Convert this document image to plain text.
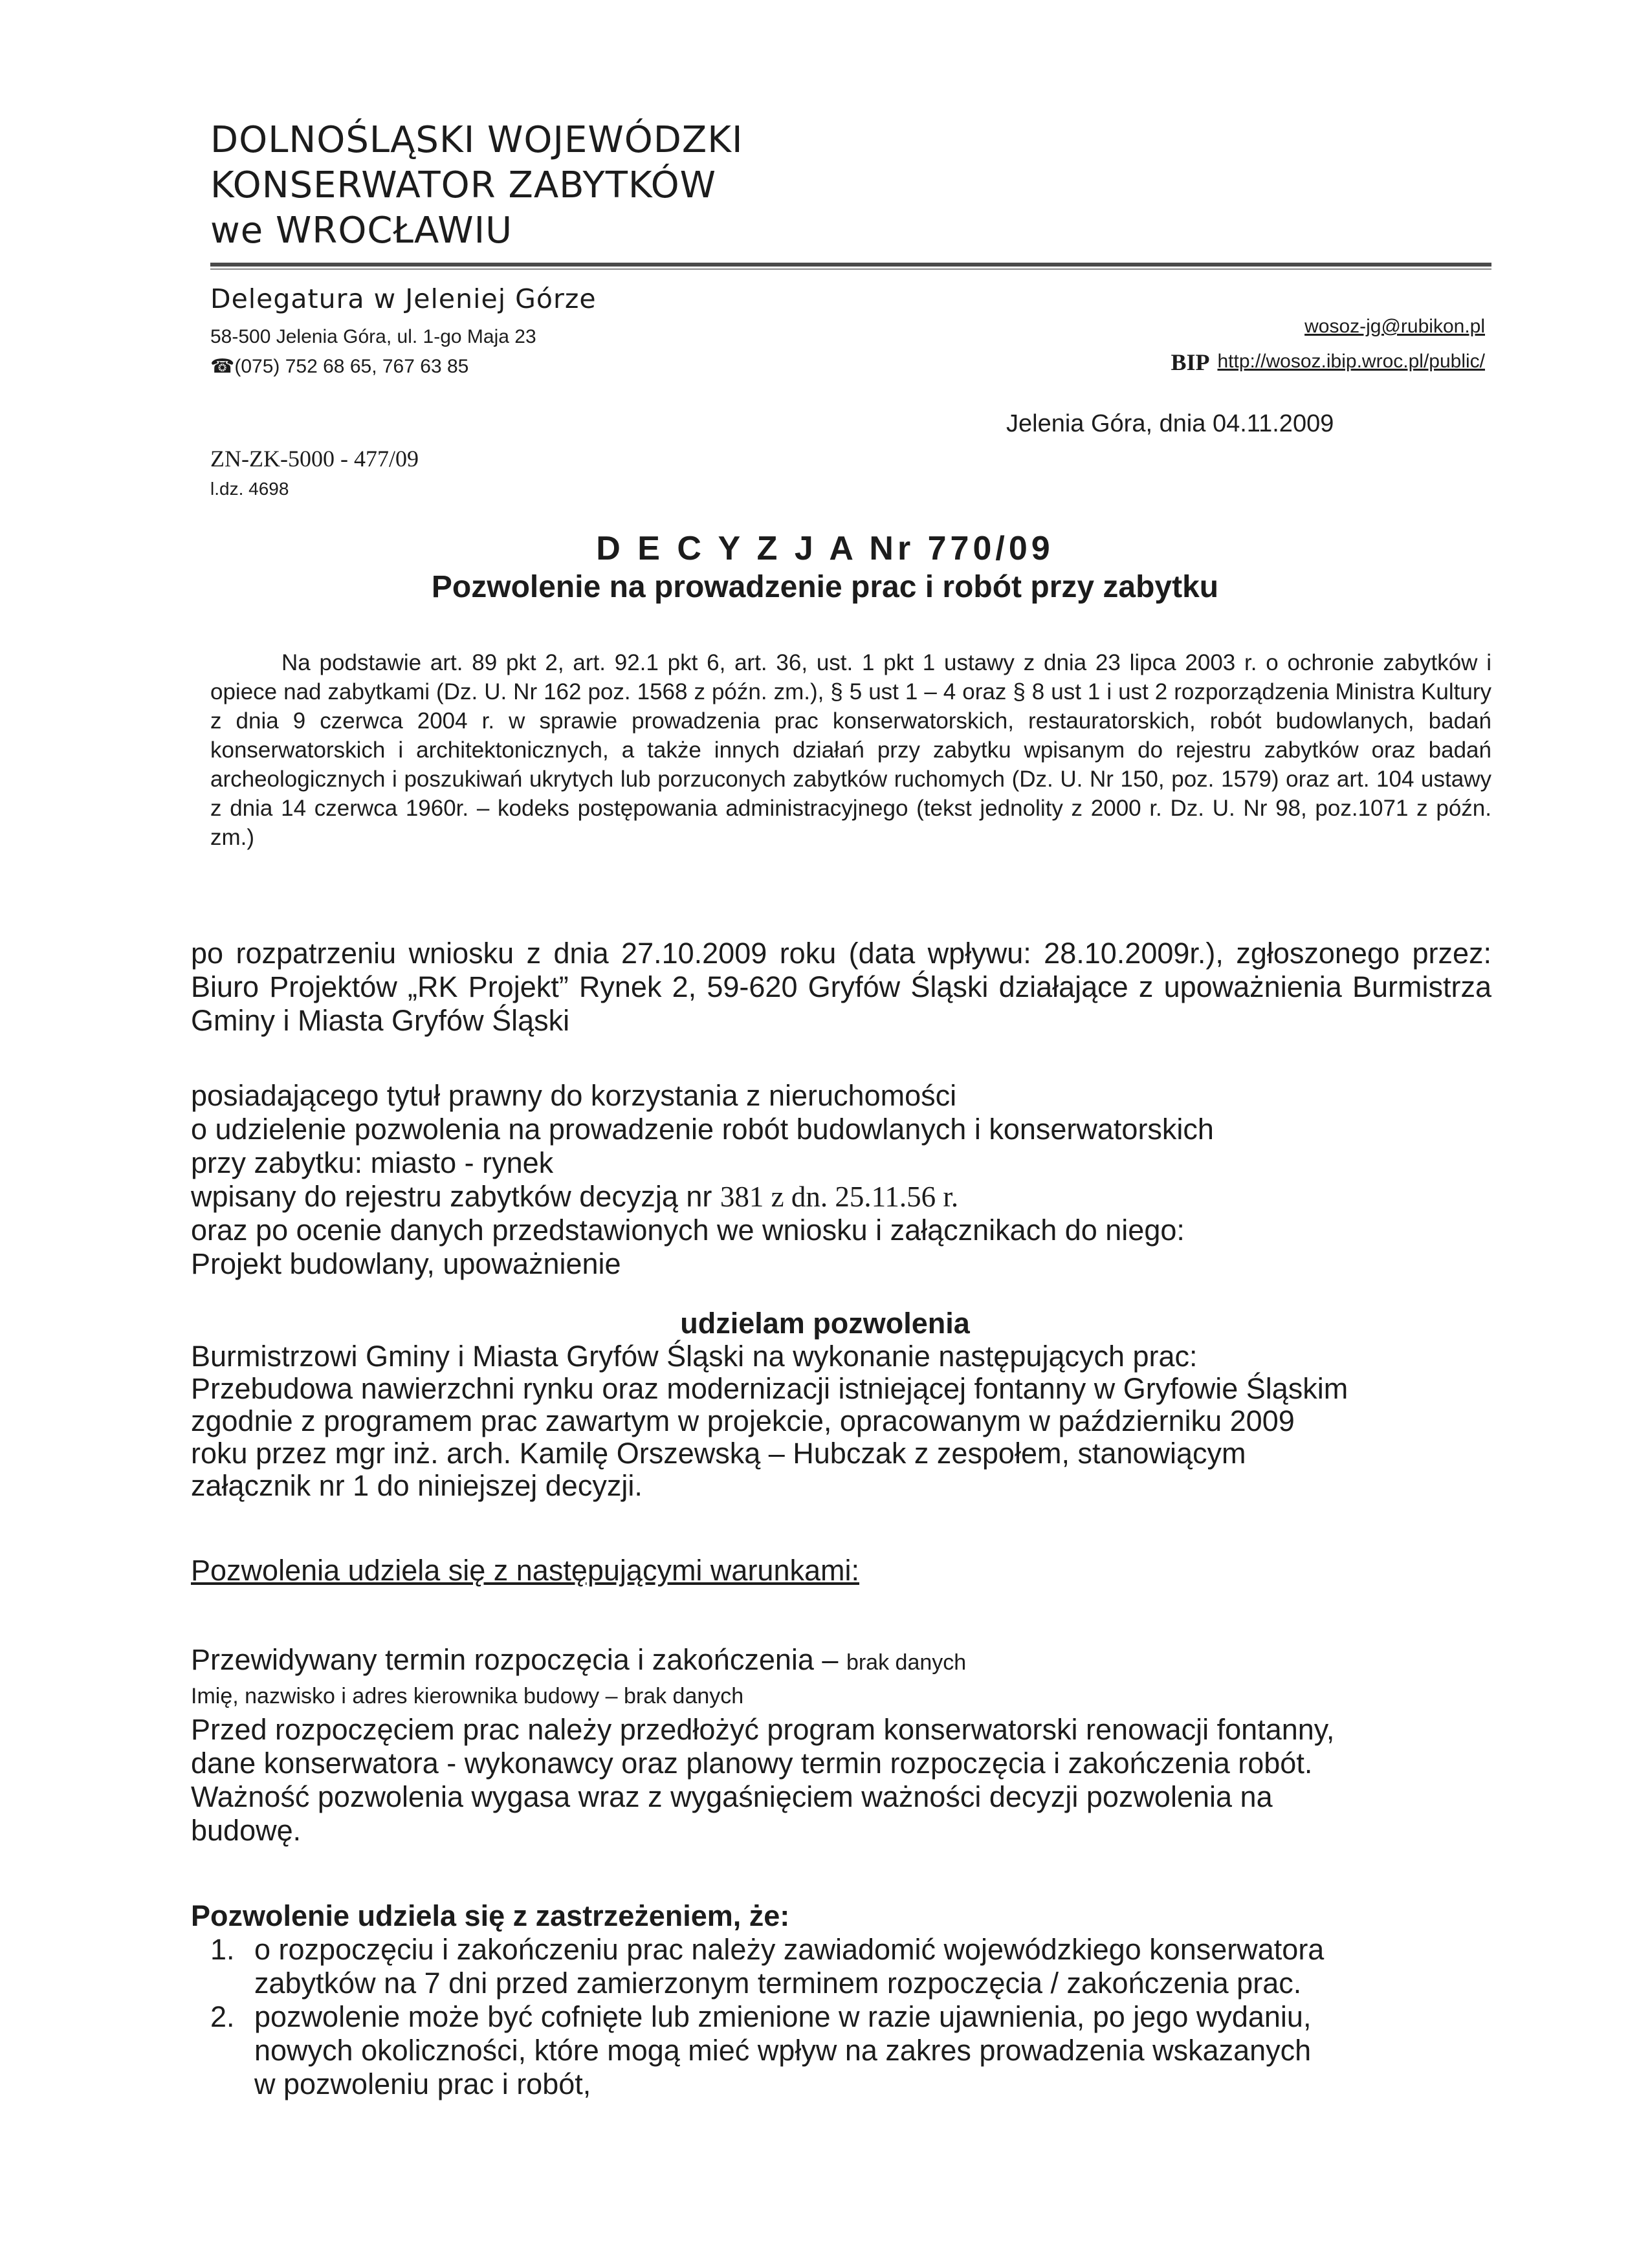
DOLNOŚLĄSKI WOJEWÓDZKI
KONSERWATOR ZABYTKÓW
we WROCŁAWIU
Delegatura w Jeleniej Górze
58-500 Jelenia Góra, ul. 1-go Maja 23
☎(075) 752 68 65, 767 63 85
wosoz-jg@rubikon.pl
BIP http://wosoz.ibip.wroc.pl/public/
Jelenia Góra, dnia 04.11.2009
ZN-ZK-5000 - 477/09
l.dz. 4698
D E C Y Z J A Nr 770/09
Pozwolenie na prowadzenie prac i robót przy zabytku

Na podstawie art. 89 pkt 2, art. 92.1 pkt 6, art. 36, ust. 1 pkt 1 ustawy z dnia 23 lipca 2003 r. o ochronie zabytków i opiece nad zabytkami (Dz. U. Nr 162 poz. 1568 z późn. zm.), § 5 ust 1 – 4 oraz § 8 ust 1 i ust 2 rozporządzenia Ministra Kultury z dnia 9 czerwca 2004 r. w sprawie prowadzenia prac konserwatorskich, restauratorskich, robót budowlanych, badań konserwatorskich i architektonicznych, a także innych działań przy zabytku wpisanym do rejestru zabytków oraz badań archeologicznych i poszukiwań ukrytych lub porzuconych zabytków ruchomych (Dz. U. Nr 150, poz. 1579) oraz art. 104 ustawy z dnia 14 czerwca 1960r. – kodeks postępowania administracyjnego (tekst jednolity z 2000 r. Dz. U. Nr 98, poz.1071 z późn. zm.)

po rozpatrzeniu wniosku z dnia 27.10.2009 roku (data wpływu: 28.10.2009r.), zgłoszonego przez: Biuro Projektów „RK Projekt” Rynek 2, 59-620 Gryfów Śląski działające z upoważnienia Burmistrza Gminy i Miasta Gryfów Śląski
posiadającego tytuł prawny do korzystania z nieruchomości
o udzielenie pozwolenia na prowadzenie robót budowlanych i konserwatorskich
przy zabytku: miasto - rynek
wpisany do rejestru zabytków decyzją nr 381 z dn. 25.11.56 r.
oraz po ocenie danych przedstawionych we wniosku i załącznikach do niego:
Projekt budowlany, upoważnienie
udzielam pozwolenia
Burmistrzowi Gminy i Miasta Gryfów Śląski na wykonanie następujących prac:
Przebudowa nawierzchni rynku oraz modernizacji istniejącej fontanny w Gryfowie Śląskim
zgodnie z programem prac zawartym w projekcie, opracowanym w październiku 2009
roku przez mgr inż. arch. Kamilę Orszewską – Hubczak z zespołem, stanowiącym
załącznik nr 1 do niniejszej decyzji.
Pozwolenia udziela się z następującymi warunkami:
Przewidywany termin rozpoczęcia i zakończenia – brak danych
Imię, nazwisko i adres kierownika budowy – brak danych
Przed rozpoczęciem prac należy przedłożyć program konserwatorski renowacji fontanny,
dane konserwatora - wykonawcy oraz planowy termin rozpoczęcia i zakończenia robót.
Ważność pozwolenia wygasa wraz z wygaśnięciem ważności decyzji pozwolenia na
budowę.
Pozwolenie udziela się z zastrzeżeniem, że:
1. o rozpoczęciu i zakończeniu prac należy zawiadomić wojewódzkiego konserwatora
zabytków na 7 dni przed zamierzonym terminem rozpoczęcia / zakończenia prac.
2. pozwolenie może być cofnięte lub zmienione w razie ujawnienia, po jego wydaniu,
nowych okoliczności, które mogą mieć wpływ na zakres prowadzenia wskazanych
w pozwoleniu prac i robót,
